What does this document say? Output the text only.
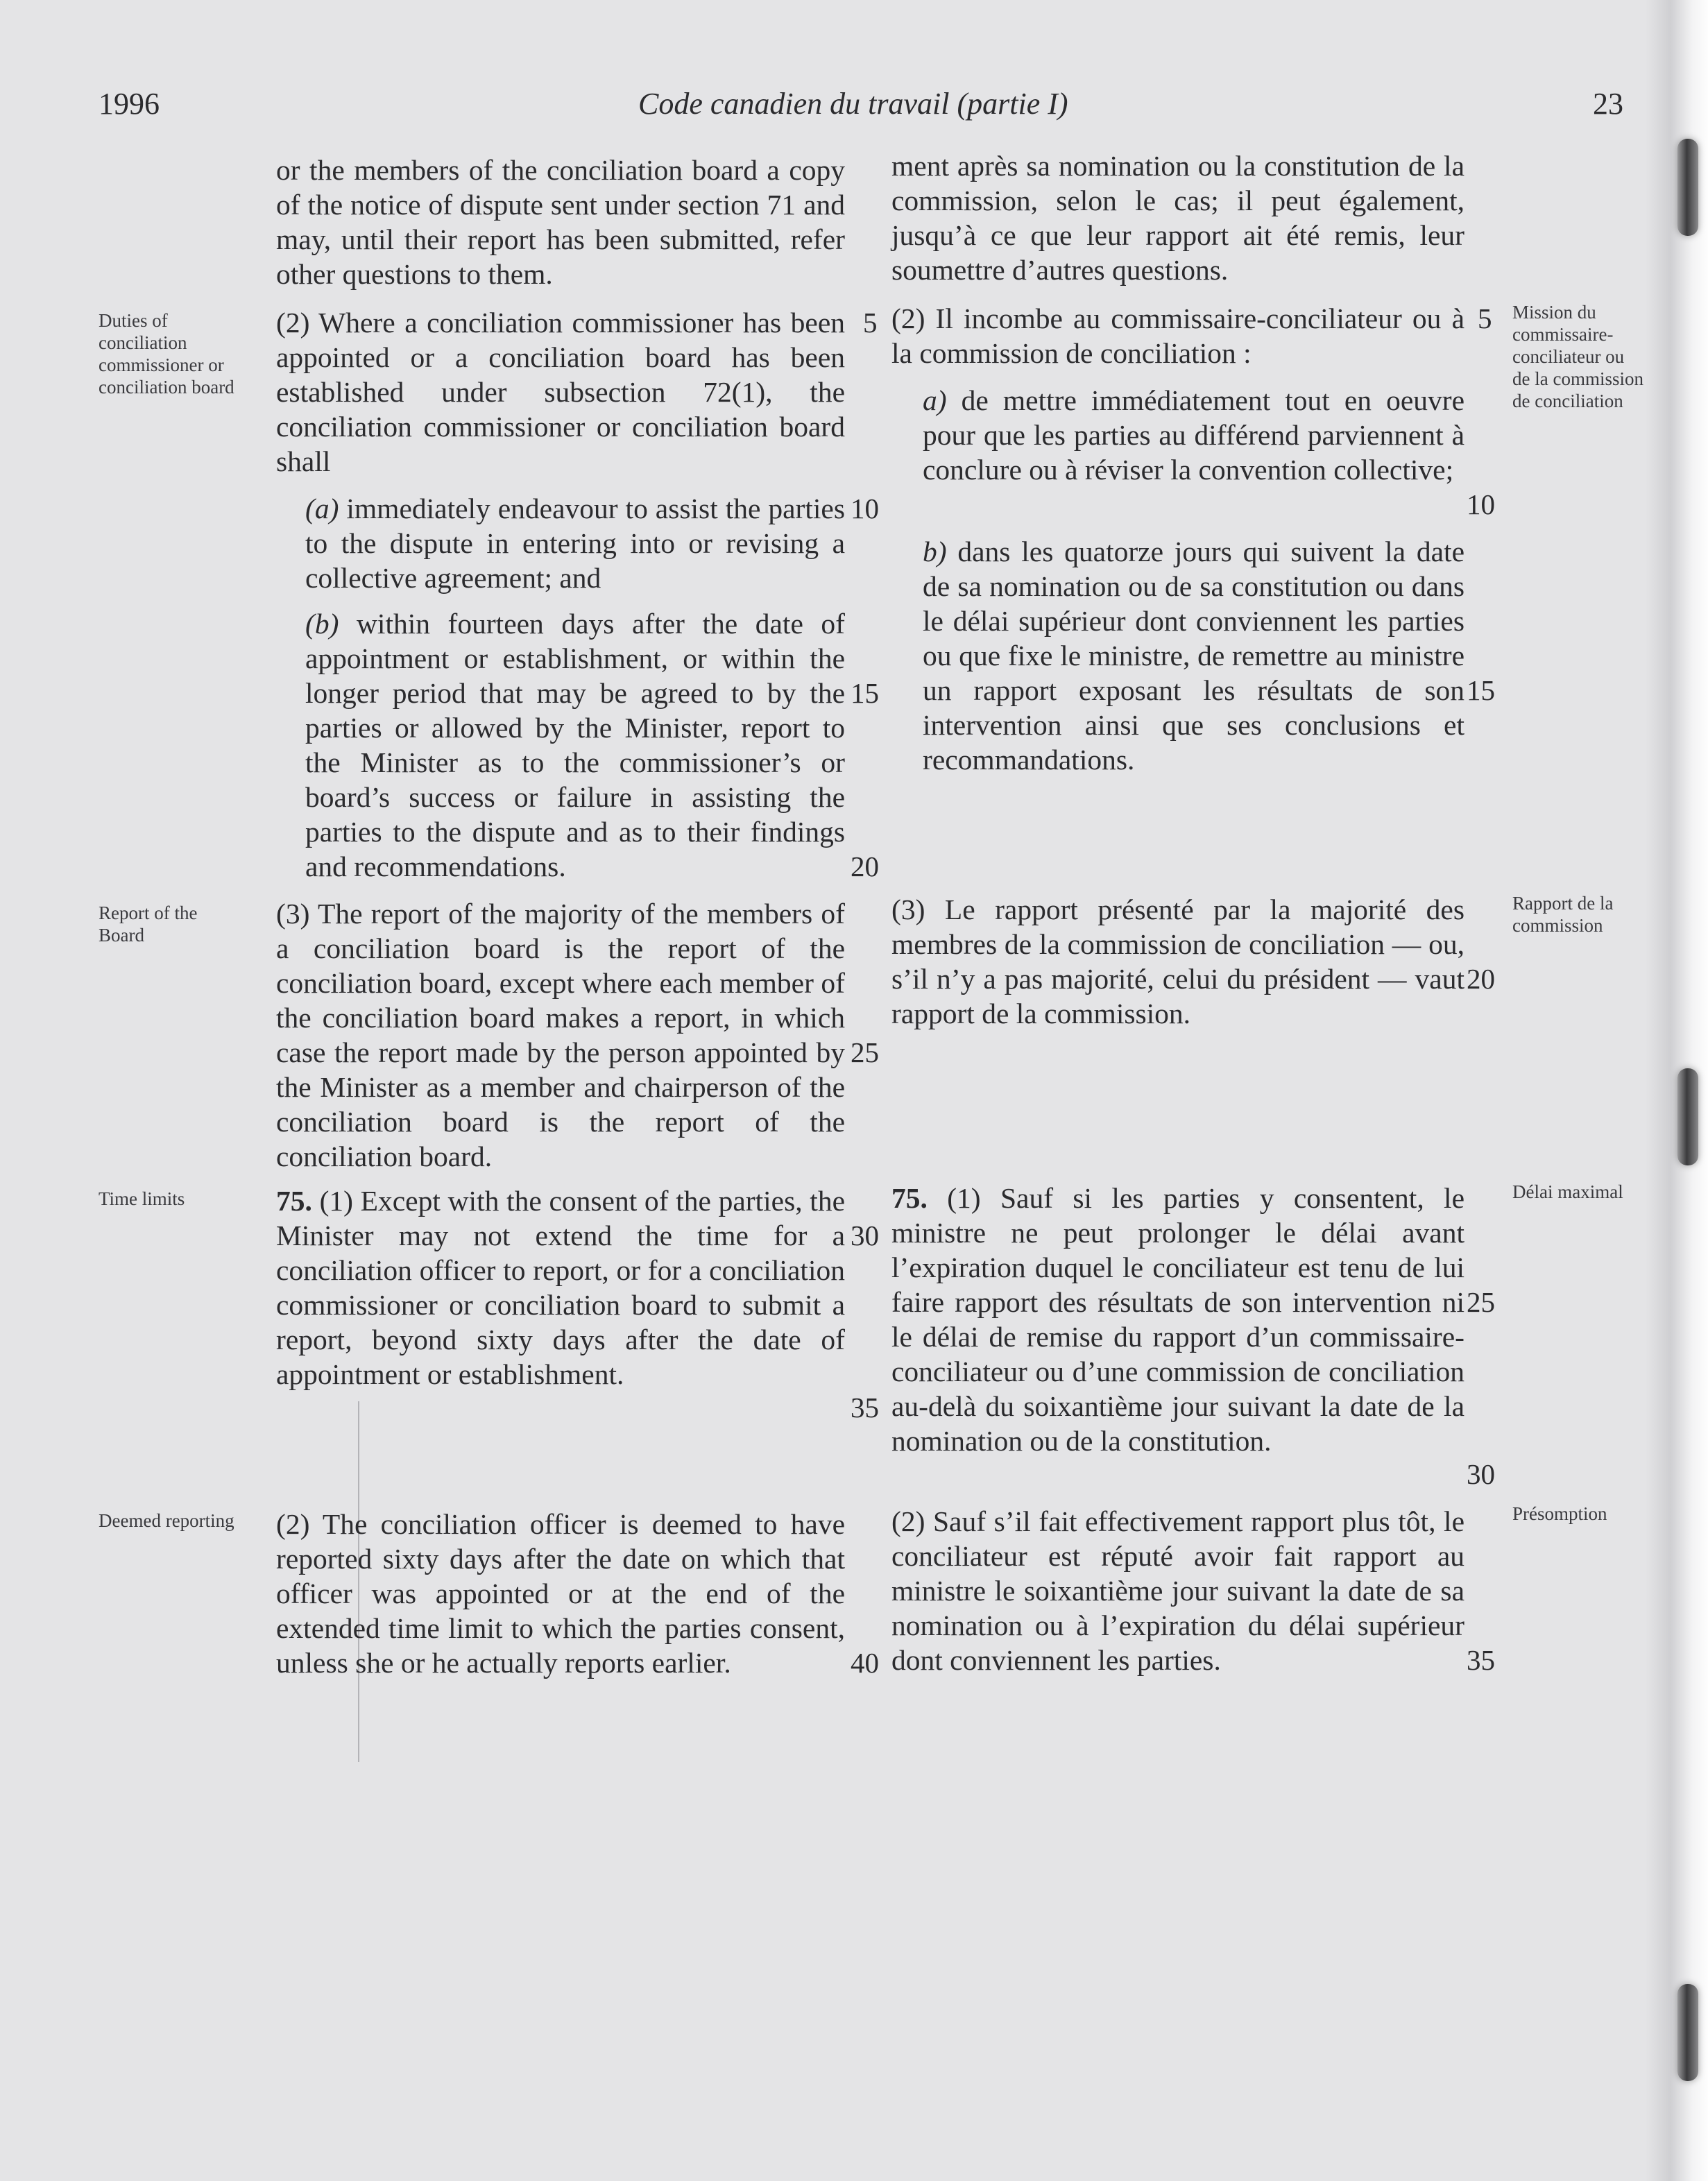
1996	Code canadien du travail (partie I)	23
Duties of conciliation commissioner or conciliation board
Report of the Board
Time limits
Deemed reporting
Mission du commissaire-conciliateur ou de la commission de conciliation
Rapport de la commission
Délai maximal
Présomption
or the members of the conciliation board a copy of the notice of dispute sent under section 71 and may, until their report has been submitted, refer other questions to them.
(2) Where a conciliation commissioner has been appointed or a conciliation board has been established under subsection 72(1), the conciliation commissioner or conciliation board shall
(a) immediately endeavour to assist the parties to the dispute in entering into or revising a collective agreement; and
(b) within fourteen days after the date of appointment or establishment, or within the longer period that may be agreed to by the parties or allowed by the Minister, report to the Minister as to the commissioner’s or board’s success or failure in assisting the parties to the dispute and as to their findings and recommendations.
(3) The report of the majority of the members of a conciliation board is the report of the conciliation board, except where each member of the conciliation board makes a report, in which case the report made by the person appointed by the Minister as a member and chairperson of the conciliation board is the report of the conciliation board.
75. (1) Except with the consent of the parties, the Minister may not extend the time for a conciliation officer to report, or for a conciliation commissioner or conciliation board to submit a report, beyond sixty days after the date of appointment or establishment.
(2) The conciliation officer is deemed to have reported sixty days after the date on which that officer was appointed or at the end of the extended time limit to which the parties consent, unless she or he actually reports earlier.
ment après sa nomination ou la constitution de la commission, selon le cas; il peut également, jusqu’à ce que leur rapport ait été remis, leur soumettre d’autres questions.
(2) Il incombe au commissaire-conciliateur ou à la commission de conciliation :
a) de mettre immédiatement tout en oeuvre pour que les parties au différend parviennent à conclure ou à réviser la convention collective;
b) dans les quatorze jours qui suivent la date de sa nomination ou de sa constitution ou dans le délai supérieur dont conviennent les parties ou que fixe le ministre, de remettre au ministre un rapport exposant les résultats de son intervention ainsi que ses conclusions et recommandations.
(3) Le rapport présenté par la majorité des membres de la commission de conciliation — ou, s’il n’y a pas majorité, celui du président — vaut rapport de la commission.
75. (1) Sauf si les parties y consentent, le ministre ne peut prolonger le délai avant l’expiration duquel le conciliateur est tenu de lui faire rapport des résultats de son intervention ni le délai de remise du rapport d’un commissaire-conciliateur ou d’une commission de conciliation au-delà du soixantième jour suivant la date de la nomination ou de la constitution.
(2) Sauf s’il fait effectivement rapport plus tôt, le conciliateur est réputé avoir fait rapport au ministre le soixantième jour suivant la date de sa nomination ou à l’expiration du délai supérieur dont conviennent les parties.
5
10
15
20
25
30
35
40
5
10
15
20
25
30
35
